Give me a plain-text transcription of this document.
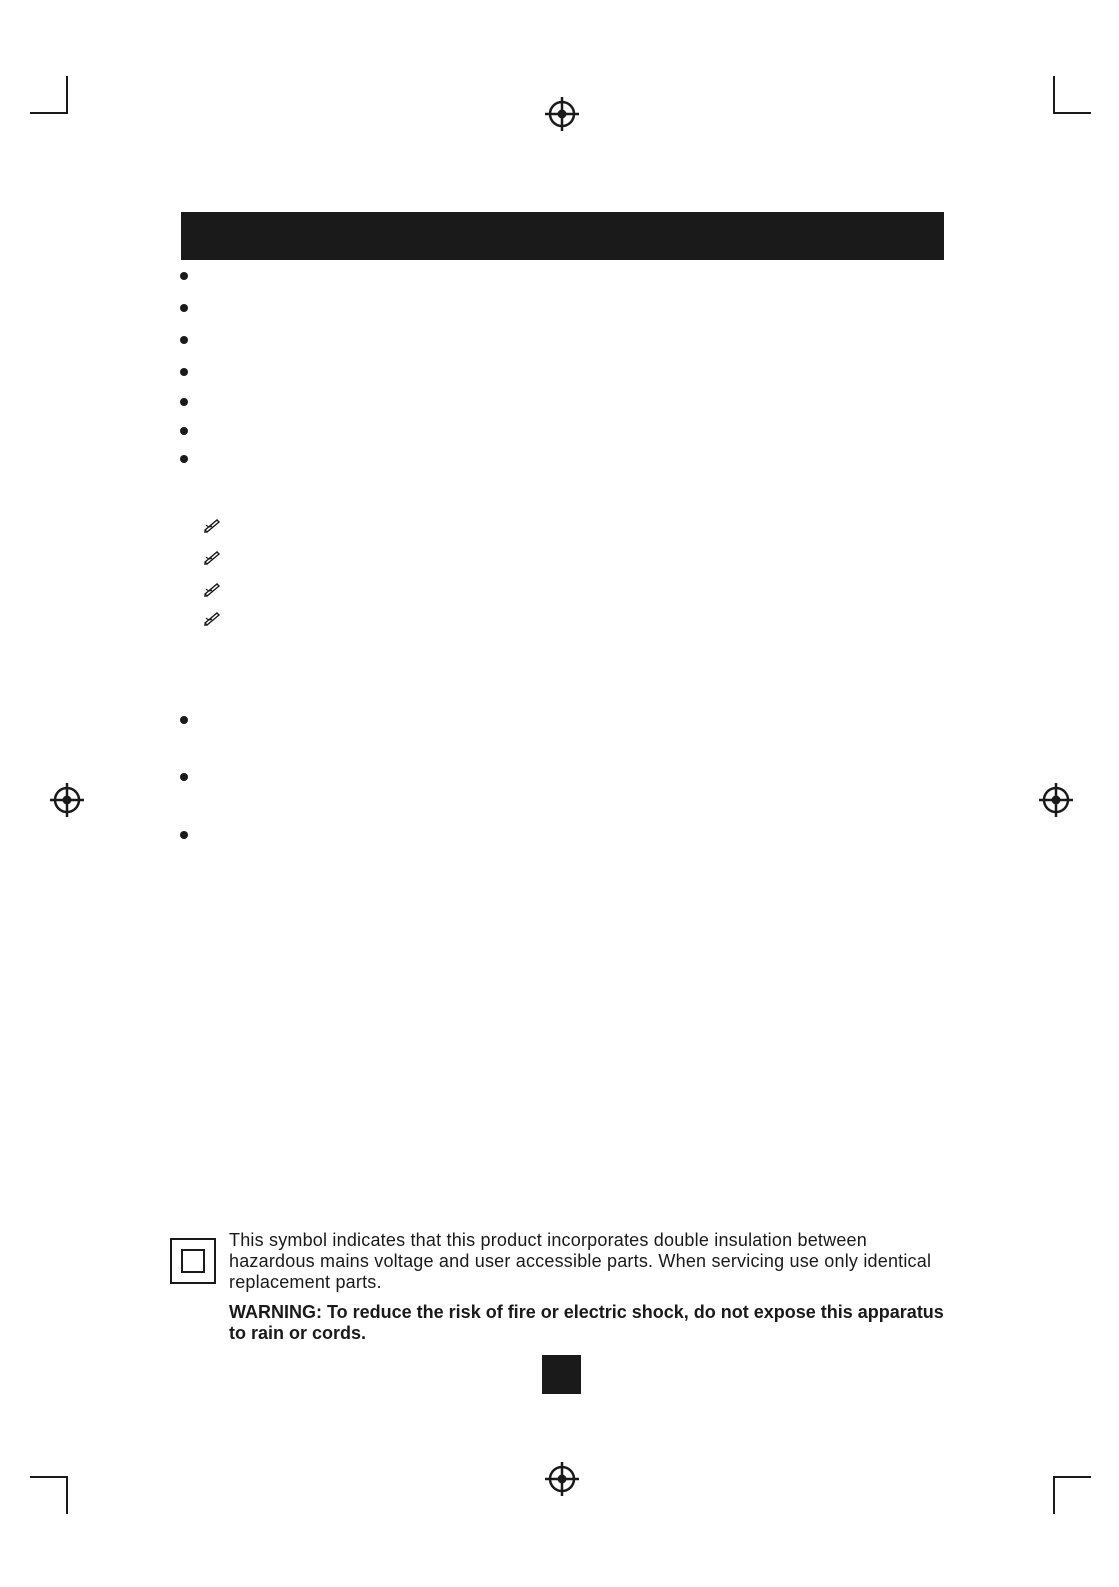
This symbol indicates that this product incorporates double insulation between hazardous mains voltage and user accessible parts. When servicing use only identical replacement parts.

WARNING: To reduce the risk of fire or electric shock, do not expose this apparatus to rain or cords.
